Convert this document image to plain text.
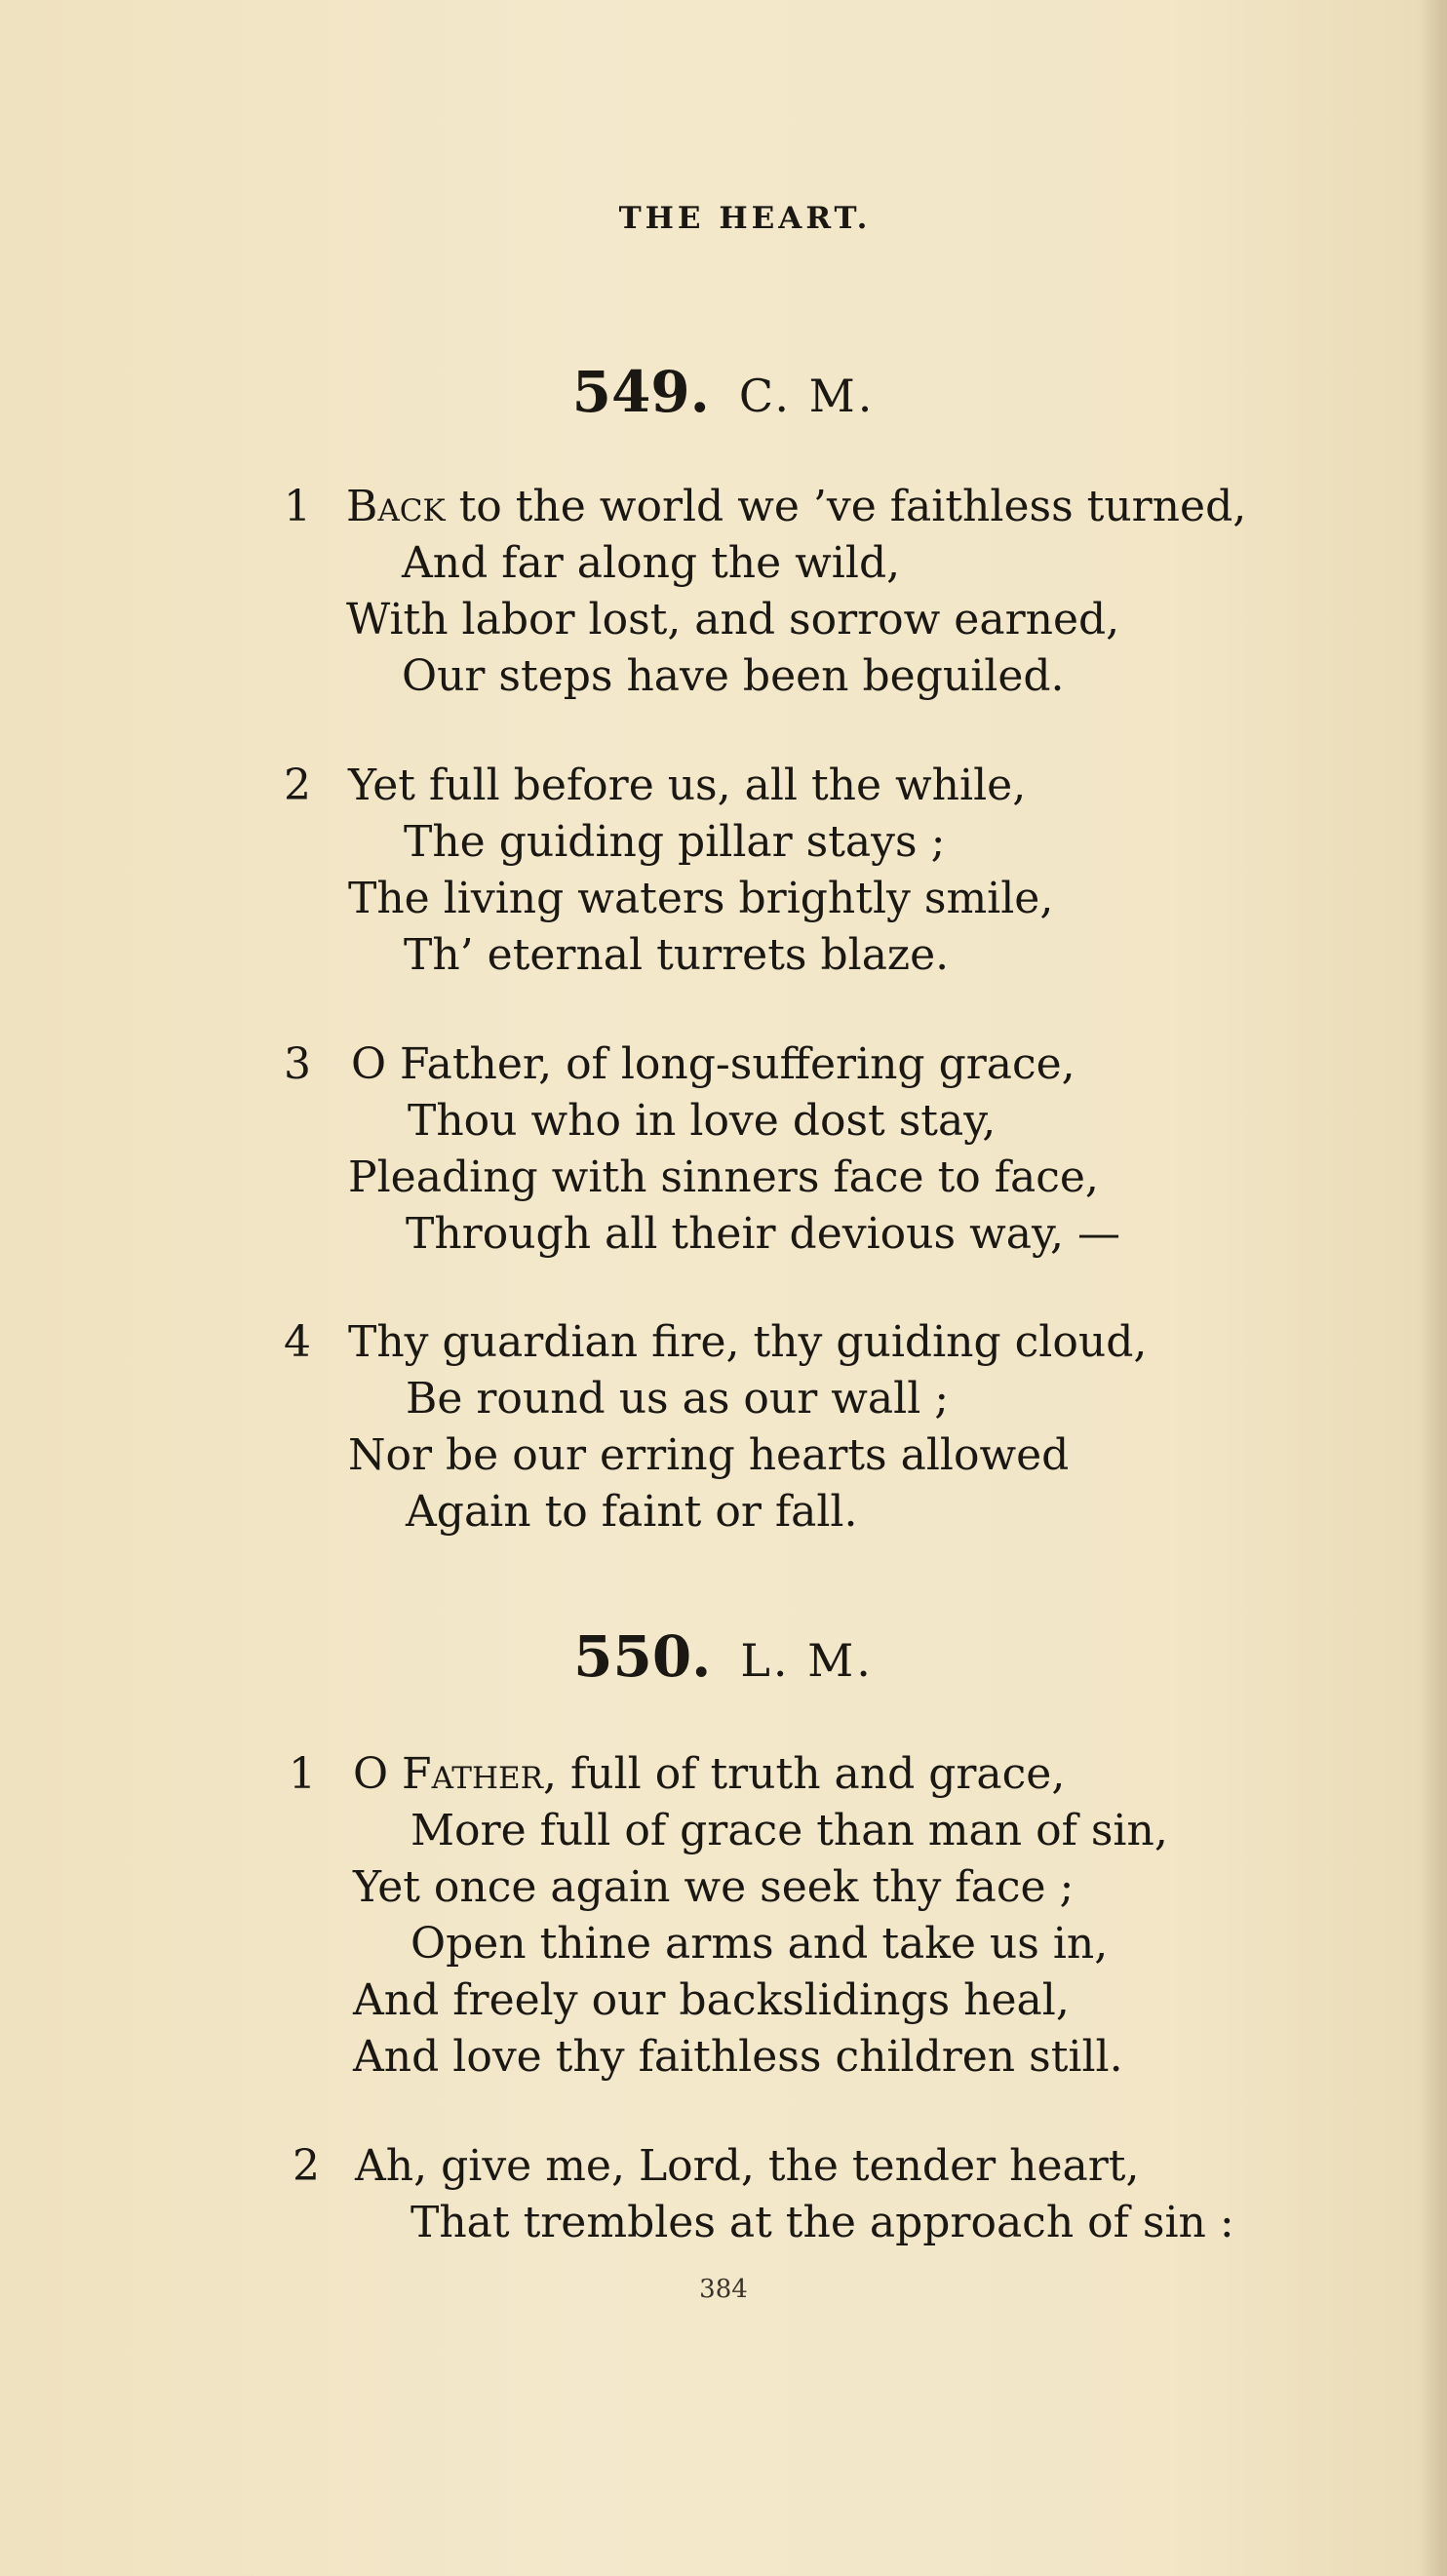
THE HEART.
549. C. M.
1 Back to the world we ’ve faithless turned,
And far along the wild,
With labor lost, and sorrow earned,
Our steps have been beguiled.
2 Yet full before us, all the while,
The guiding pillar stays ;
The living waters brightly smile,
Th’ eternal turrets blaze.
3 O Father, of long-suffering grace,
Thou who in love dost stay,
Pleading with sinners face to face,
Through all their devious way, —
4 Thy guardian fire, thy guiding cloud,
Be round us as our wall ;
Nor be our erring hearts allowed
Again to faint or fall.
550. L. M.
1 O Father, full of truth and grace,
More full of grace than man of sin,
Yet once again we seek thy face ;
Open thine arms and take us in,
And freely our backslidings heal,
And love thy faithless children still.
2 Ah, give me, Lord, the tender heart,
That trembles at the approach of sin :
384
